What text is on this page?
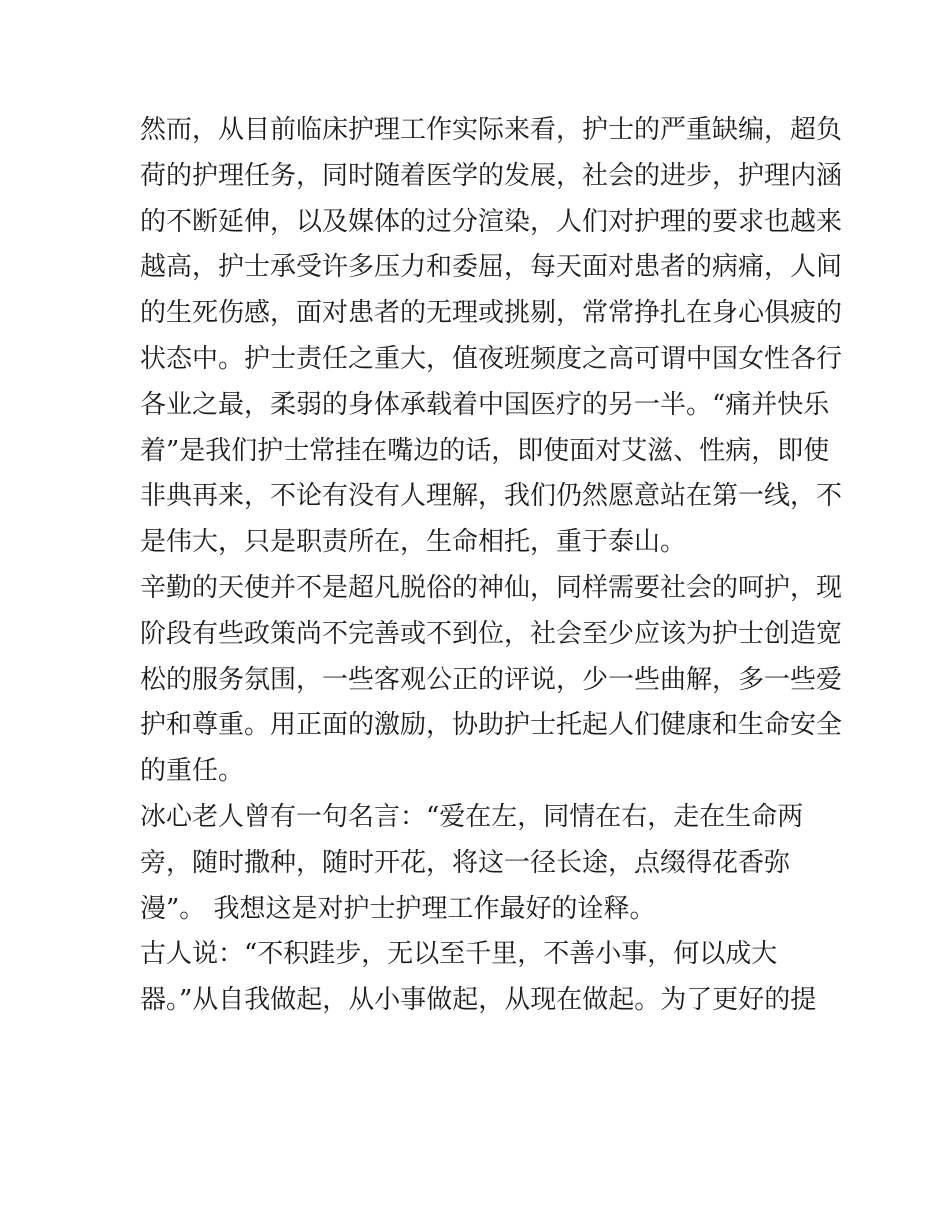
然而，从目前临床护理工作实际来看，护士的严重缺编，超负
荷的护理任务，同时随着医学的发展，社会的进步，护理内涵
的不断延伸，以及媒体的过分渲染，人们对护理的要求也越来
越高，护士承受许多压力和委屈，每天面对患者的病痛，人间
的生死伤感，面对患者的无理或挑剔，常常挣扎在身心俱疲的
状态中。护士责任之重大，值夜班频度之高可谓中国女性各行
各业之最，柔弱的身体承载着中国医疗的另一半。“痛并快乐
着”是我们护士常挂在嘴边的话，即使面对艾滋、性病，即使
非典再来，不论有没有人理解，我们仍然愿意站在第一线，不
是伟大，只是职责所在，生命相托，重于泰山。
辛勤的天使并不是超凡脱俗的神仙，同样需要社会的呵护，现
阶段有些政策尚不完善或不到位，社会至少应该为护士创造宽
松的服务氛围，一些客观公正的评说，少一些曲解，多一些爱
护和尊重。用正面的激励，协助护士托起人们健康和生命安全
的重任。
冰心老人曾有一句名言：“爱在左，同情在右，走在生命两
旁，随时撒种，随时开花，将这一径长途，点缀得花香弥
漫”。 我想这是对护士护理工作最好的诠释。
古人说：“不积跬步，无以至千里，不善小事，何以成大
器。”从自我做起，从小事做起，从现在做起。为了更好的提
